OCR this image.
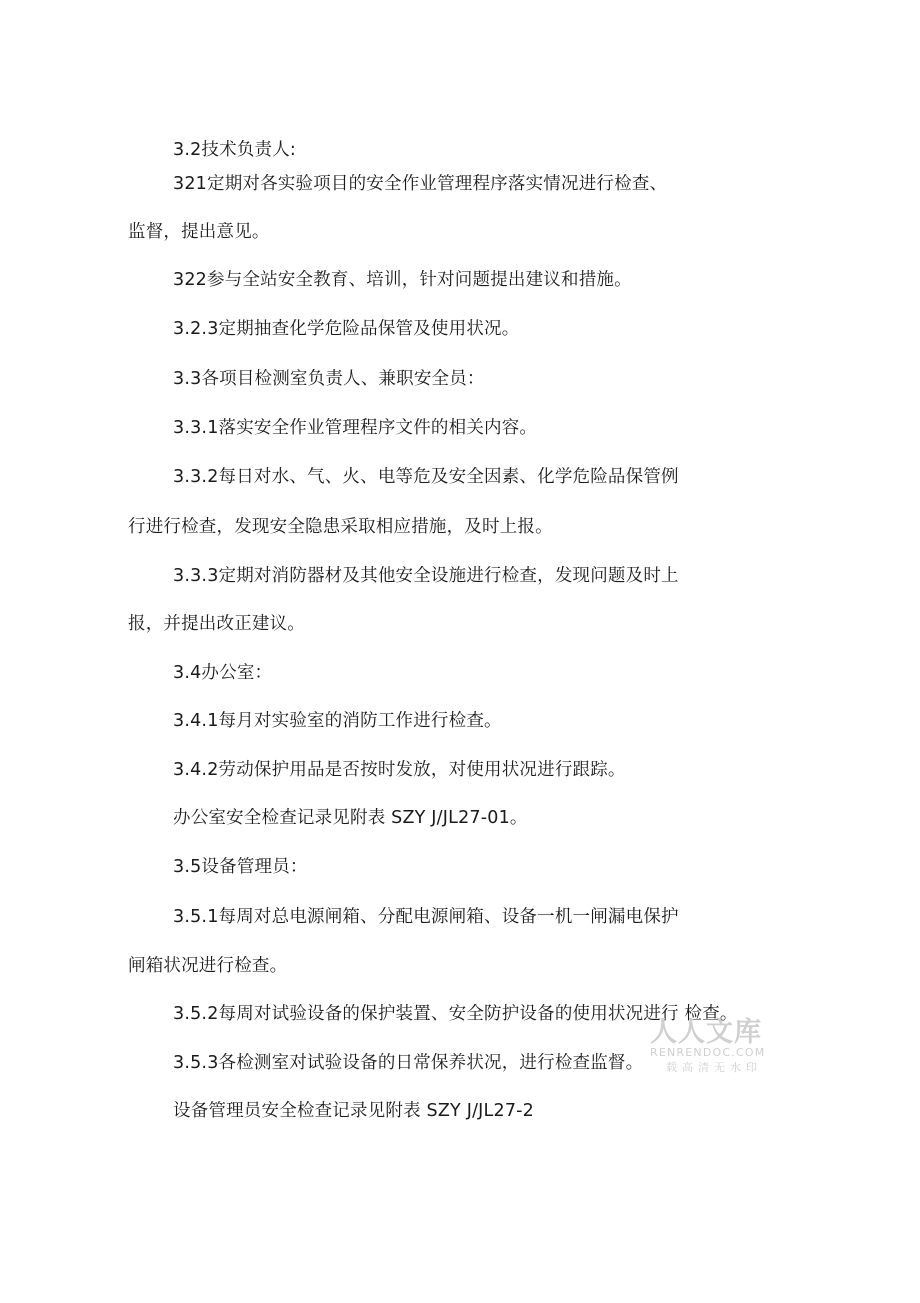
3.2技术负责人:
321定期对各实验项目的安全作业管理程序落实情况进行检查、
监督，提出意见。
322参与全站安全教育、培训，针对问题提出建议和措施。
3.2.3定期抽查化学危险品保管及使用状况。
3.3各项目检测室负责人、兼职安全员：
3.3.1落实安全作业管理程序文件的相关内容。
3.3.2每日对水、气、火、电等危及安全因素、化学危险品保管例
行进行检查，发现安全隐患采取相应措施，及时上报。
3.3.3定期对消防器材及其他安全设施进行检查，发现问题及时上
报，并提出改正建议。
3.4办公室：
3.4.1每月对实验室的消防工作进行检查。
3.4.2劳动保护用品是否按时发放，对使用状况进行跟踪。
办公室安全检查记录见附表 SZY J/JL27-01。
3.5设备管理员：
3.5.1每周对总电源闸箱、分配电源闸箱、设备一机一闸漏电保护
闸箱状况进行检查。
3.5.2每周对试验设备的保护装置、安全防护设备的使用状况进行 检查。
3.5.3各检测室对试验设备的日常保养状况，进行检查监督。
设备管理员安全检查记录见附表 SZY J/JL27-2
人人文库
RENRENDOC.COM
载高清无水印
